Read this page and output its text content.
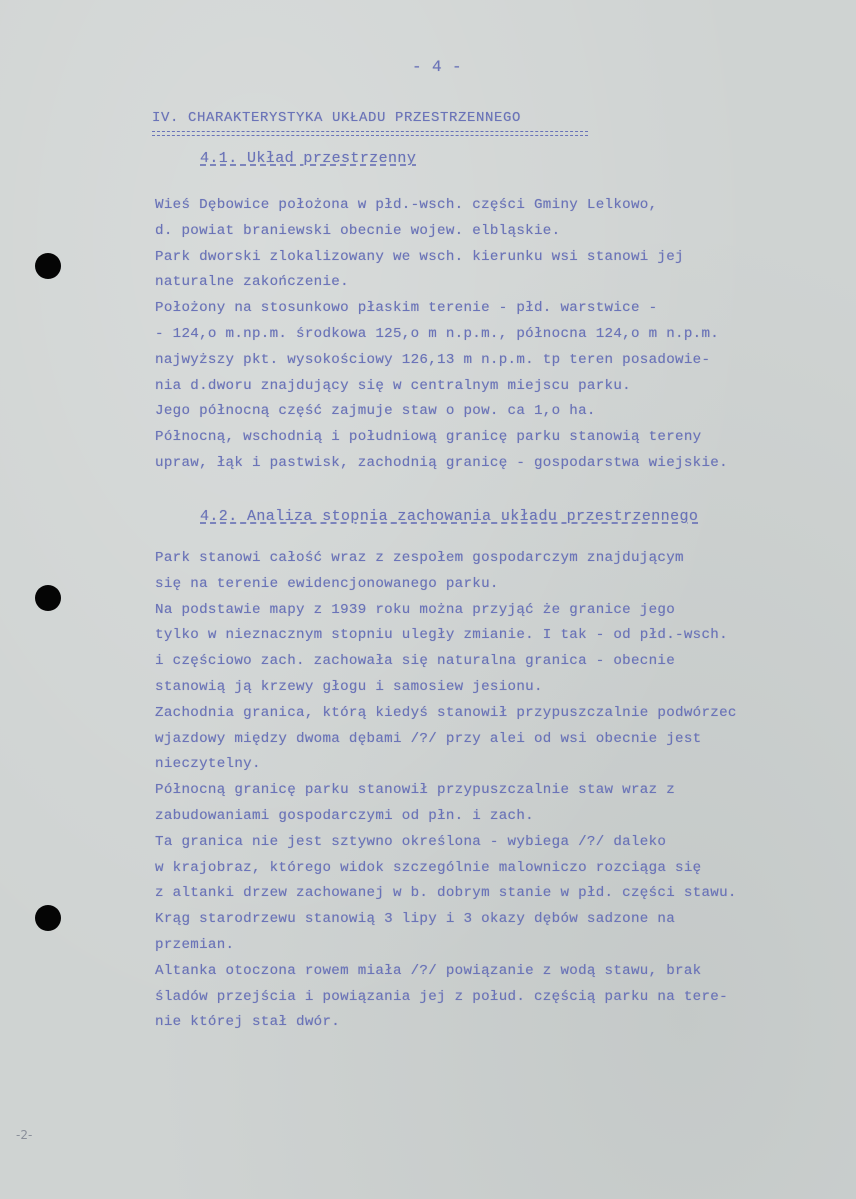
- 4 -
IV. CHARAKTERYSTYKA UKŁADU PRZESTRZENNEGO
4.1. Układ przestrzenny
Wieś Dębowice położona w płd.-wsch. części Gminy Lelkowo,
d. powiat braniewski obecnie wojew. elbląskie.
Park dworski zlokalizowany we wsch. kierunku wsi stanowi jej
naturalne zakończenie.
Położony na stosunkowo płaskim terenie - płd. warstwice -
- 124,o m.np.m. środkowa 125,o m n.p.m., północna 124,o m n.p.m.
najwyższy pkt. wysokościowy 126,13 m n.p.m. tp teren posadowie-
nia d.dworu znajdujący się w centralnym miejscu parku.
Jego północną część zajmuje staw o pow. ca 1,o ha.
Północną, wschodnią i południową granicę parku stanowią tereny
upraw, łąk i pastwisk, zachodnią granicę - gospodarstwa wiejskie.
4.2. Analiza stopnia zachowania układu przestrzennego
Park stanowi całość wraz z zespołem gospodarczym znajdującym
się na terenie ewidencjonowanego parku.
Na podstawie mapy z 1939 roku można przyjąć że granice jego
tylko w nieznacznym stopniu uległy zmianie. I tak - od płd.-wsch.
i częściowo zach. zachowała się naturalna granica - obecnie
stanowią ją krzewy głogu i samosiew jesionu.
Zachodnia granica, którą kiedyś stanowił przypuszczalnie podwórzec
wjazdowy między dwoma dębami /?/ przy alei od wsi obecnie jest
nieczytelny.
Północną granicę parku stanowił przypuszczalnie staw wraz z
zabudowaniami gospodarczymi od płn. i zach.
Ta granica nie jest sztywno określona - wybiega /?/ daleko
w krajobraz, którego widok szczególnie malowniczo rozciąga się
z altanki drzew zachowanej w b. dobrym stanie w płd. części stawu.
Krąg starodrzewu stanowią 3 lipy i 3 okazy dębów sadzone na
przemian.
Altanka otoczona rowem miała /?/ powiązanie z wodą stawu, brak
śladów przejścia i powiązania jej z połud. częścią parku na tere-
nie której stał dwór.
-2-
